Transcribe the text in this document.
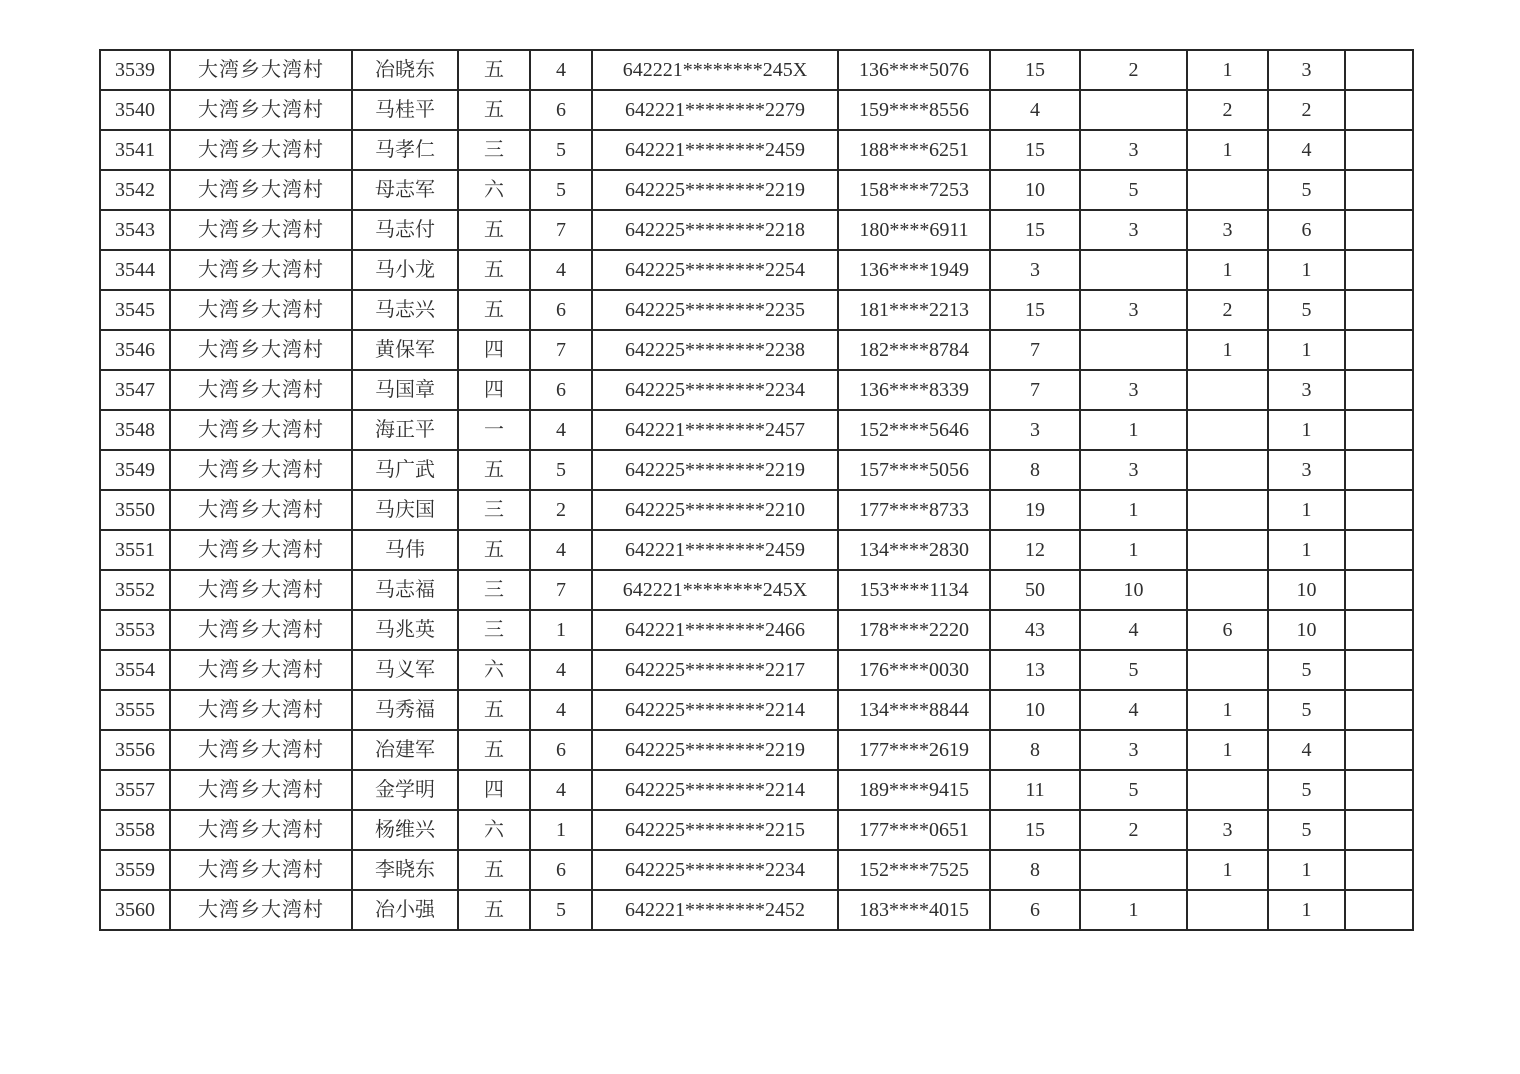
3539	大湾乡大湾村	冶晓东	五	4	642221********245X	136****5076	15	2	1	3	
3540	大湾乡大湾村	马桂平	五	6	642221********2279	159****8556	4		2	2	
3541	大湾乡大湾村	马孝仁	三	5	642221********2459	188****6251	15	3	1	4	
3542	大湾乡大湾村	母志军	六	5	642225********2219	158****7253	10	5		5	
3543	大湾乡大湾村	马志付	五	7	642225********2218	180****6911	15	3	3	6	
3544	大湾乡大湾村	马小龙	五	4	642225********2254	136****1949	3		1	1	
3545	大湾乡大湾村	马志兴	五	6	642225********2235	181****2213	15	3	2	5	
3546	大湾乡大湾村	黄保军	四	7	642225********2238	182****8784	7		1	1	
3547	大湾乡大湾村	马国章	四	6	642225********2234	136****8339	7	3		3	
3548	大湾乡大湾村	海正平	一	4	642221********2457	152****5646	3	1		1	
3549	大湾乡大湾村	马广武	五	5	642225********2219	157****5056	8	3		3	
3550	大湾乡大湾村	马庆国	三	2	642225********2210	177****8733	19	1		1	
3551	大湾乡大湾村	马伟	五	4	642221********2459	134****2830	12	1		1	
3552	大湾乡大湾村	马志福	三	7	642221********245X	153****1134	50	10		10	
3553	大湾乡大湾村	马兆英	三	1	642221********2466	178****2220	43	4	6	10	
3554	大湾乡大湾村	马义军	六	4	642225********2217	176****0030	13	5		5	
3555	大湾乡大湾村	马秀福	五	4	642225********2214	134****8844	10	4	1	5	
3556	大湾乡大湾村	冶建军	五	6	642225********2219	177****2619	8	3	1	4	
3557	大湾乡大湾村	金学明	四	4	642225********2214	189****9415	11	5		5	
3558	大湾乡大湾村	杨维兴	六	1	642225********2215	177****0651	15	2	3	5	
3559	大湾乡大湾村	李晓东	五	6	642225********2234	152****7525	8		1	1	
3560	大湾乡大湾村	冶小强	五	5	642221********2452	183****4015	6	1		1	
